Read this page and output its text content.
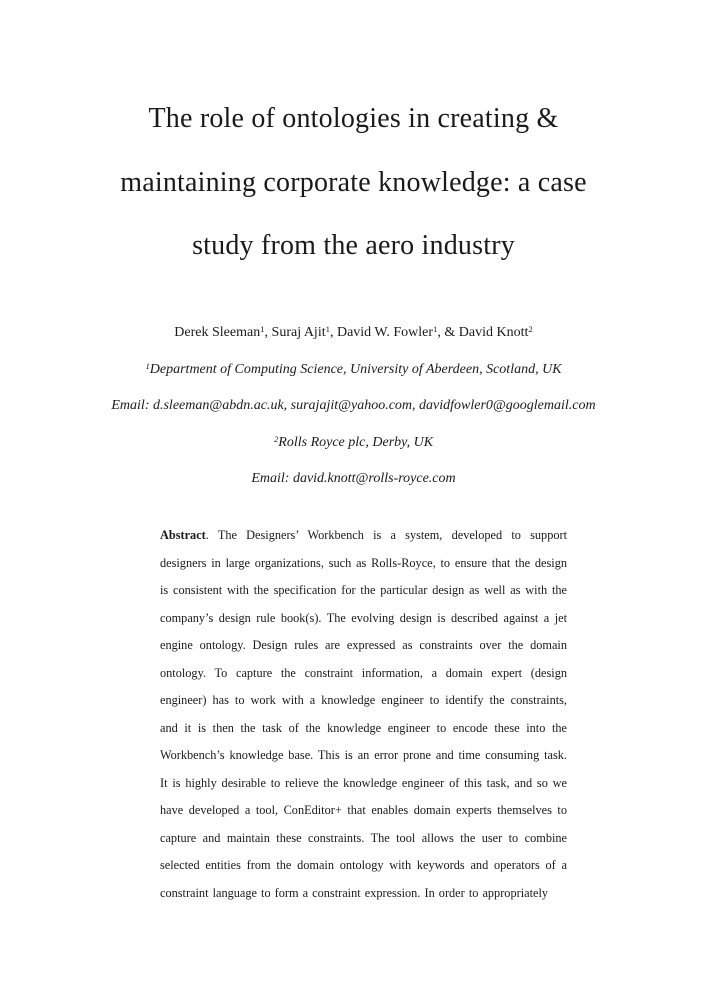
The role of ontologies in creating &
maintaining corporate knowledge: a case
study from the aero industry
Derek Sleeman$^1$, Suraj Ajit$^1$, David W. Fowler$^1$, & David Knott$^2$
$^1$Department of Computing Science, University of Aberdeen, Scotland, UK
Email: d.sleeman@abdn.ac.uk, surajajit@yahoo.com, davidfowler0@googlemail.com
$^2$Rolls Royce plc, Derby, UK
Email: david.knott@rolls-royce.com

Abstract. The Designers’ Workbench is a system, developed to support designers in large organizations, such as Rolls-Royce, to ensure that the design is consistent with the specification for the particular design as well as with the company’s design rule book(s). The evolving design is described against a jet engine ontology. Design rules are expressed as constraints over the domain ontology. To capture the constraint information, a domain expert (design engineer) has to work with a knowledge engineer to identify the constraints, and it is then the task of the knowledge engineer to encode these into the Workbench’s knowledge base. This is an error prone and time consuming task. It is highly desirable to relieve the knowledge engineer of this task, and so we have developed a tool, ConEditor+ that enables domain experts themselves to capture and maintain these constraints. The tool allows the user to combine selected entities from the domain ontology with keywords and operators of a constraint language to form a constraint expression. In order to appropriately
